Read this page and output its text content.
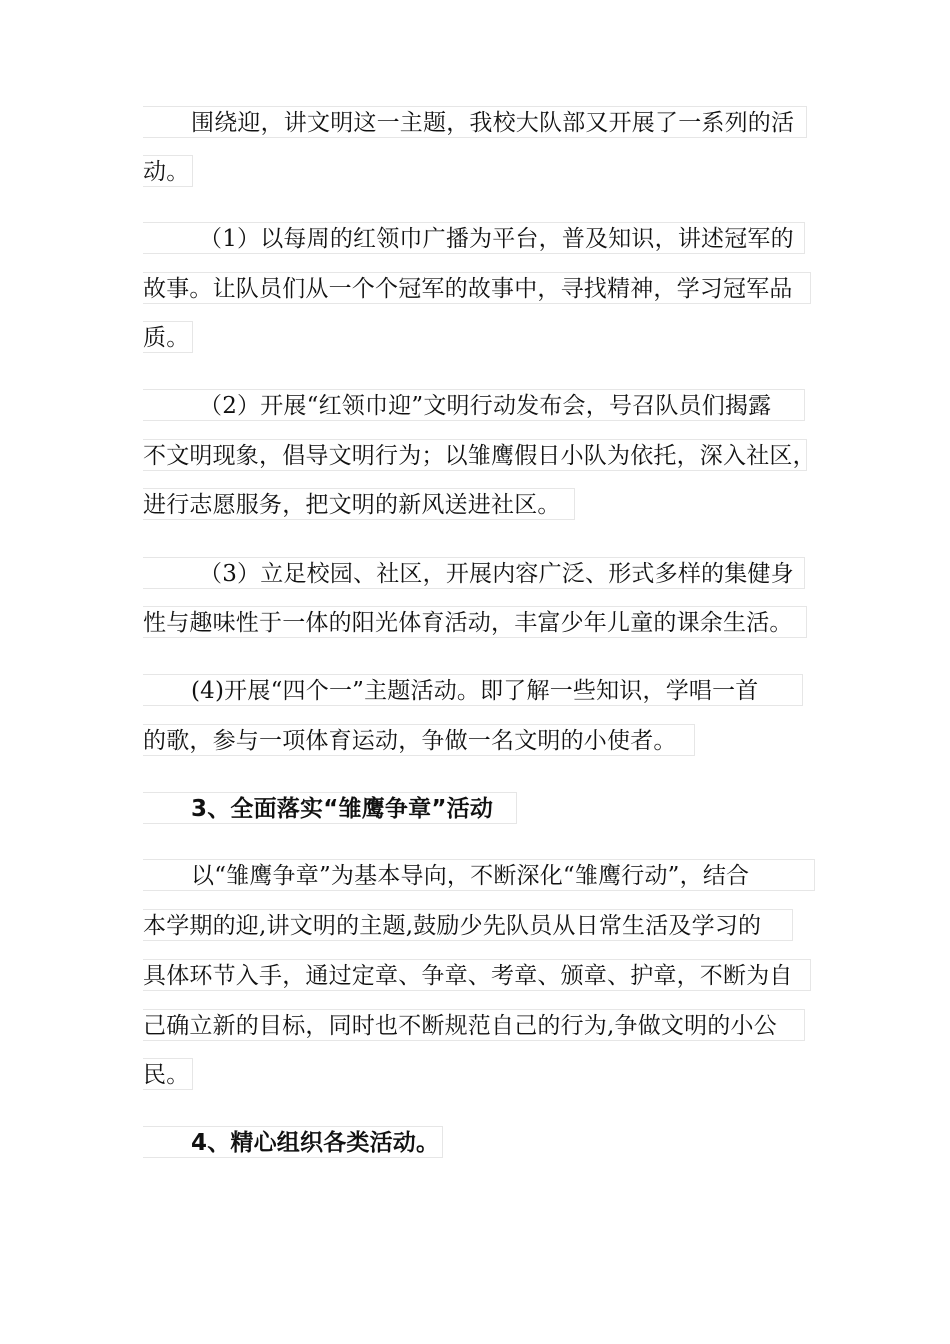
围绕迎，讲文明这一主题，我校大队部又开展了一系列的活
动。
（1）以每周的红领巾广播为平台，普及知识，讲述冠军的
故事。让队员们从一个个冠军的故事中，寻找精神，学习冠军品
质。
（2）开展“红领巾迎”文明行动发布会，号召队员们揭露
不文明现象，倡导文明行为；以雏鹰假日小队为依托，深入社区，
进行志愿服务，把文明的新风送进社区。
（3）立足校园、社区，开展内容广泛、形式多样的集健身
性与趣味性于一体的阳光体育活动，丰富少年儿童的课余生活。
(4)开展“四个一”主题活动。即了解一些知识，学唱一首
的歌，参与一项体育运动，争做一名文明的小使者。
3、全面落实“雏鹰争章”活动
以“雏鹰争章”为基本导向，不断深化“雏鹰行动”，结合
本学期的迎,讲文明的主题,鼓励少先队员从日常生活及学习的
具体环节入手，通过定章、争章、考章、颁章、护章，不断为自
己确立新的目标，同时也不断规范自己的行为,争做文明的小公
民。
4、精心组织各类活动。
